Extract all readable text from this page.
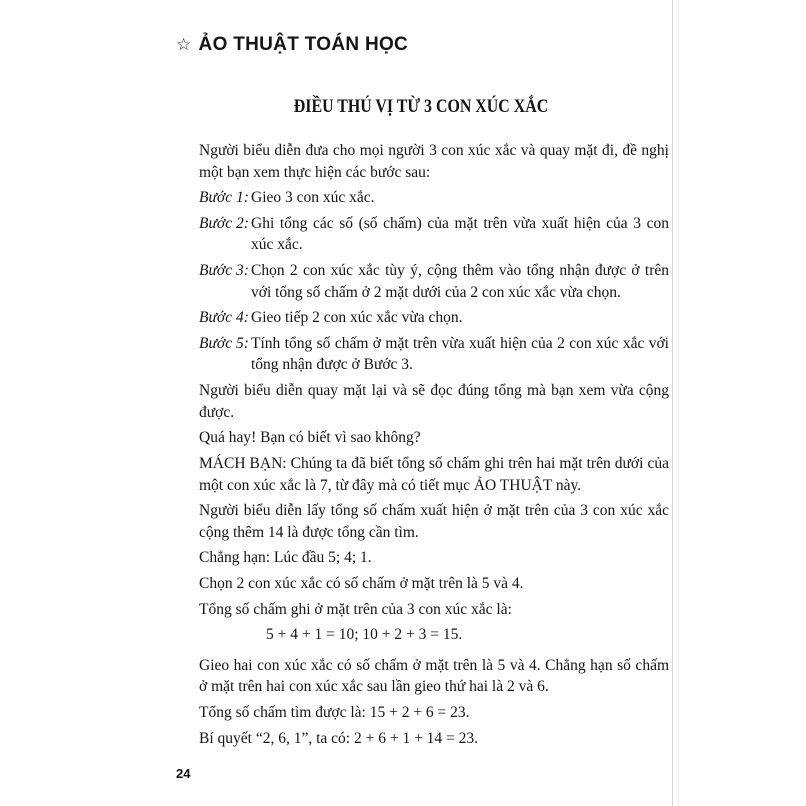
☆ ẢO THUẬT TOÁN HỌC
ĐIỀU THÚ VỊ TỪ 3 CON XÚC XẮC

Người biểu diễn đưa cho mọi người 3 con xúc xắc và quay mặt đi, đề nghị một bạn xem thực hiện các bước sau:

Bước 1: Gieo 3 con xúc xắc.
Bước 2: Ghi tổng các số (số chấm) của mặt trên vừa xuất hiện của 3 con xúc xắc.
Bước 3: Chọn 2 con xúc xắc tùy ý, cộng thêm vào tổng nhận được ở trên với tổng số chấm ở 2 mặt dưới của 2 con xúc xắc vừa chọn.
Bước 4: Gieo tiếp 2 con xúc xắc vừa chọn.
Bước 5: Tính tổng số chấm ở mặt trên vừa xuất hiện của 2 con xúc xắc với tổng nhận được ở Bước 3.

Người biểu diễn quay mặt lại và sẽ đọc đúng tổng mà bạn xem vừa cộng được.

Quá hay! Bạn có biết vì sao không?

MÁCH BẠN: Chúng ta đã biết tổng số chấm ghi trên hai mặt trên dưới của một con xúc xắc là 7, từ đây mà có tiết mục ẢO THUẬT này.

Người biểu diễn lấy tổng số chấm xuất hiện ở mặt trên của 3 con xúc xắc cộng thêm 14 là được tổng cần tìm.

Chẳng hạn: Lúc đầu 5; 4; 1.

Chọn 2 con xúc xắc có số chấm ở mặt trên là 5 và 4.

Tổng số chấm ghi ở mặt trên của 3 con xúc xắc là:

5 + 4 + 1 = 10; 10 + 2 + 3 = 15.

Gieo hai con xúc xắc có số chấm ở mặt trên là 5 và 4. Chẳng hạn số chấm ở mặt trên hai con xúc xắc sau lần gieo thứ hai là 2 và 6.

Tổng số chấm tìm được là: 15 + 2 + 6 = 23.

Bí quyết “2, 6, 1”, ta có: 2 + 6 + 1 + 14 = 23.

24
